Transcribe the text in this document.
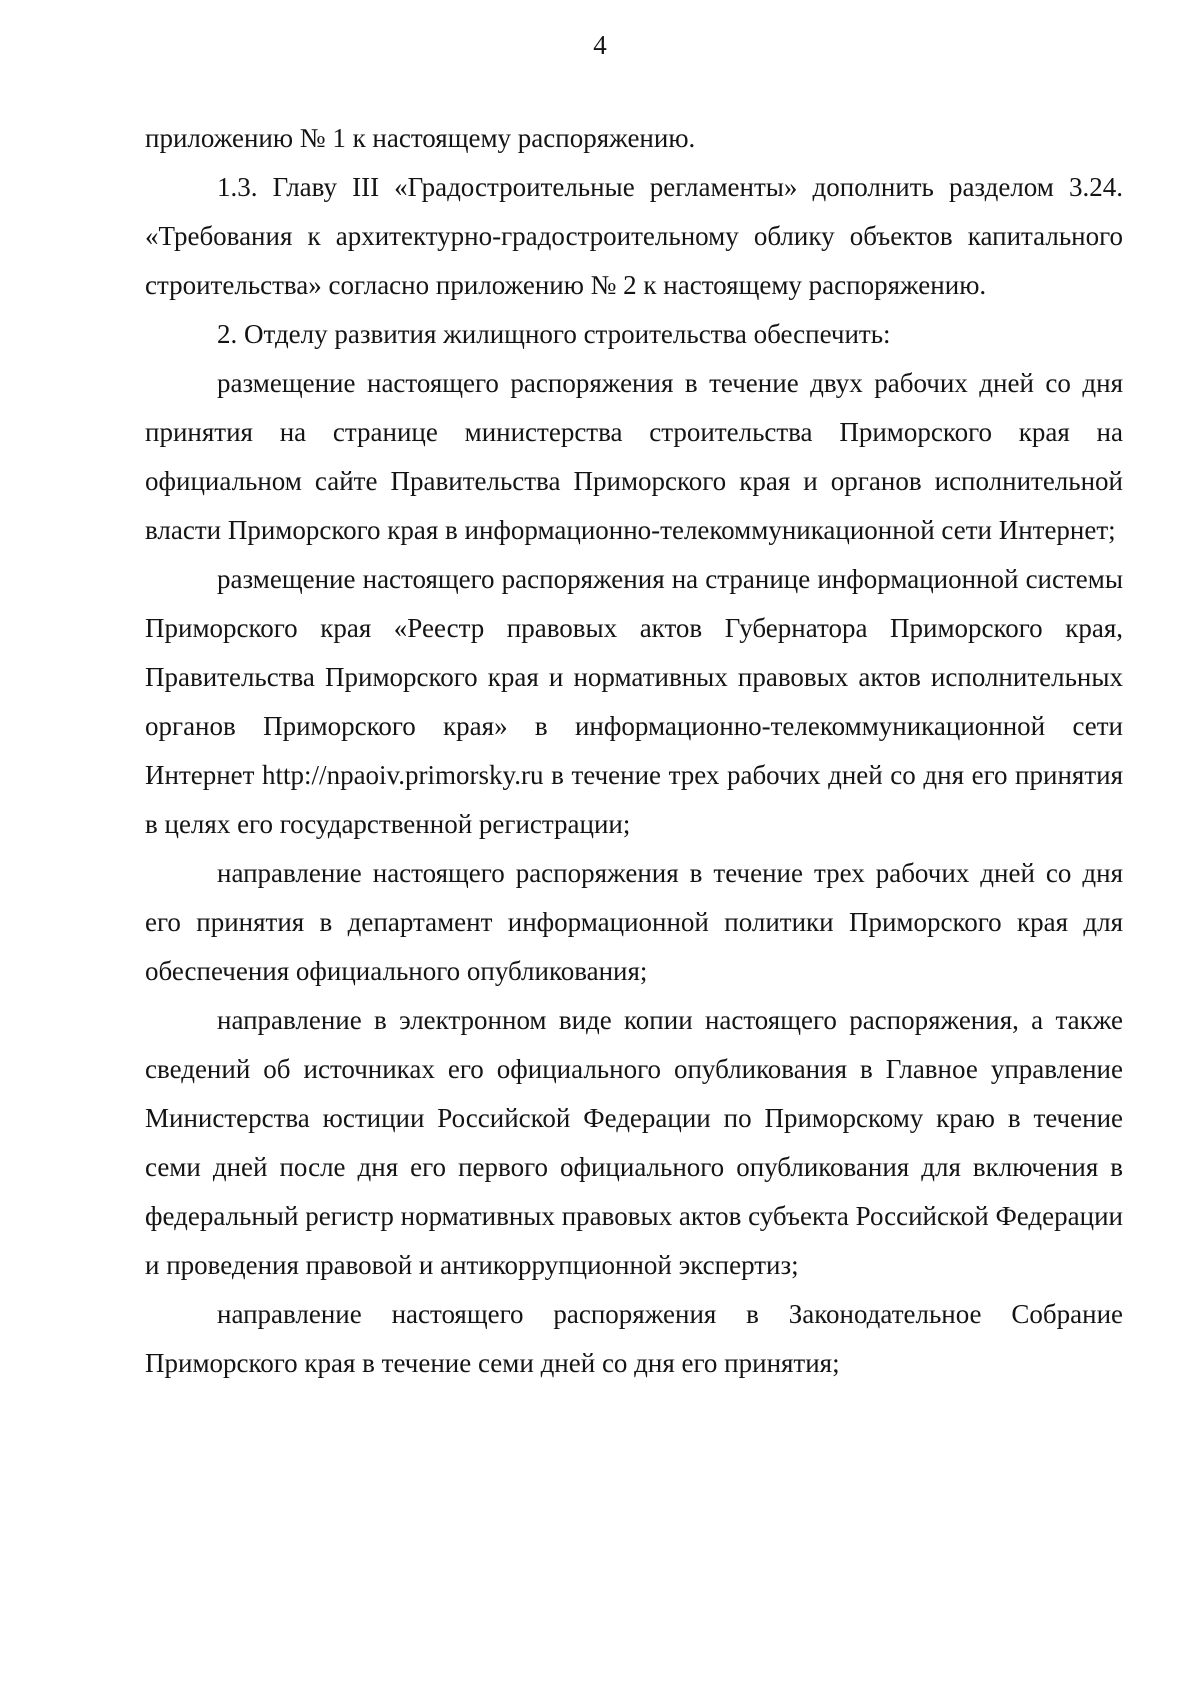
4

приложению № 1 к настоящему распоряжению.

1.3. Главу III «Градостроительные регламенты» дополнить разделом 3.24. «Требования к архитектурно-градостроительному облику объектов капитального строительства» согласно приложению № 2 к настоящему распоряжению.

2. Отделу развития жилищного строительства обеспечить:

размещение настоящего распоряжения в течение двух рабочих дней со дня принятия на странице министерства строительства Приморского края на официальном сайте Правительства Приморского края и органов исполнительной власти Приморского края в информационно-телекоммуникационной сети Интернет;

размещение настоящего распоряжения на странице информационной системы Приморского края «Реестр правовых актов Губернатора Приморского края, Правительства Приморского края и нормативных правовых актов исполнительных органов Приморского края» в информационно-телекоммуникационной сети Интернет http://npaoiv.primorsky.ru в течение трех рабочих дней со дня его принятия в целях его государственной регистрации;

направление настоящего распоряжения в течение трех рабочих дней со дня его принятия в департамент информационной политики Приморского края для обеспечения официального опубликования;

направление в электронном виде копии настоящего распоряжения, а также сведений об источниках его официального опубликования в Главное управление Министерства юстиции Российской Федерации по Приморскому краю в течение семи дней после дня его первого официального опубликования для включения в федеральный регистр нормативных правовых актов субъекта Российской Федерации и проведения правовой и антикоррупционной экспертиз;

направление настоящего распоряжения в Законодательное Собрание Приморского края в течение семи дней со дня его принятия;
